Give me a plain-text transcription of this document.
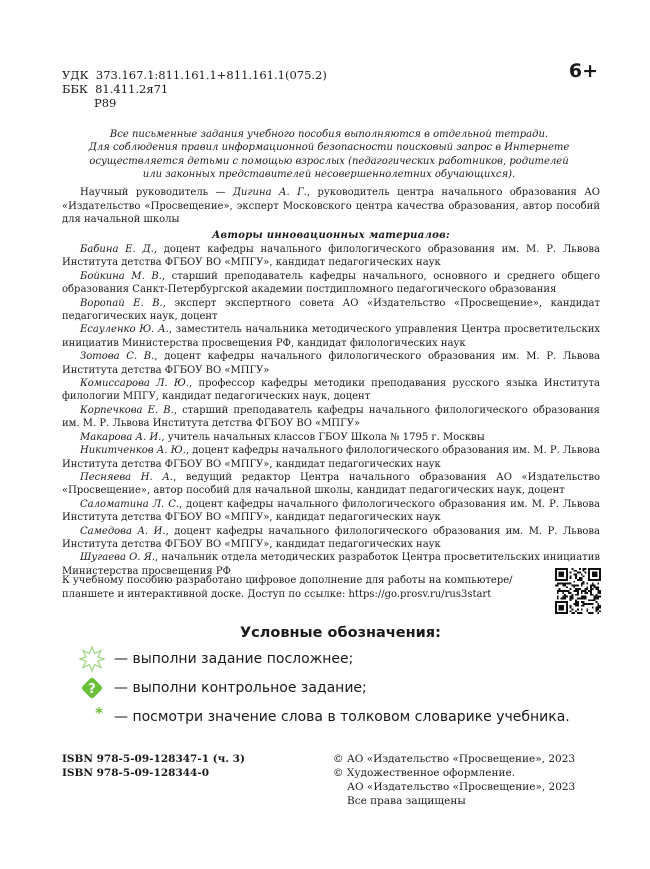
УДК  373.167.1:811.161.1+811.161.1(075.2)
ББК  81.411.2я71
Р89
6+
Все письменные задания учебного пособия выполняются в отдельной тетради.
Для соблюдения правил информационной безопасности поисковый запрос в Интернете
осуществляется детьми с помощью взрослых (педагогических работников, родителей
или законных представителей несовершеннолетних обучающихся).
Научный руководитель — Дигина А. Г., руководитель центра начального образования АО «Издательство «Просвещение», эксперт Московского центра качества образования, автор пособий для начальной школы
Авторы инновационных материалов:
Бабина Е. Д., доцент кафедры начального филологического образования им. М. Р. Львова Института детства ФГБОУ ВО «МПГУ», кандидат педагогических наук
Бойкина М. В., старший преподаватель кафедры начального, основного и среднего общего образования Санкт-Петербургской академии постдипломного педагогического образования
Воропай Е. В., эксперт экспертного совета АО «Издательство «Просвещение», кандидат педагогических наук, доцент
Есауленко Ю. А., заместитель начальника методического управления Центра просветительских инициатив Министерства просвещения РФ, кандидат филологических наук
Зотова С. В., доцент кафедры начального филологического образования им. М. Р. Львова Института детства ФГБОУ ВО «МПГУ»
Комиссарова Л. Ю., профессор кафедры методики преподавания русского языка Института филологии МПГУ, кандидат педагогических наук, доцент
Корпечкова Е. В., старший преподаватель кафедры начального филологического образования им. М. Р. Львова Института детства ФГБОУ ВО «МПГУ»
Макарова А. И., учитель начальных классов ГБОУ Школа № 1795 г. Москвы
Никитченков А. Ю., доцент кафедры начального филологического образования им. М. Р. Львова Института детства ФГБОУ ВО «МПГУ», кандидат педагогических наук
Песняева Н. А., ведущий редактор Центра начального образования АО «Издательство «Просвещение», автор пособий для начальной школы, кандидат педагогических наук, доцент
Саломатина Л. С., доцент кафедры начального филологического образования им. М. Р. Львова Института детства ФГБОУ ВО «МПГУ», кандидат педагогических наук
Самедова А. И., доцент кафедры начального филологического образования им. М. Р. Львова Института детства ФГБОУ ВО «МПГУ», кандидат педагогических наук
Шугаева О. Я., начальник отдела методических разработок Центра просветительских инициатив Министерства просвещения РФ
К учебному пособию разработано цифровое дополнение для работы на компьютере/планшете и интерактивной доске. Доступ по ссылке: https://go.prosv.ru/rus3start
Условные обозначения:
— выполни задание посложнее;
? — выполни контрольное задание;
* — посмотри значение слова в толковом словарике учебника.
ISBN 978-5-09-128347-1 (ч. 3)
ISBN 978-5-09-128344-0
© АО «Издательство «Просвещение», 2023
© Художественное оформление.
АО «Издательство «Просвещение», 2023
Все права защищены
